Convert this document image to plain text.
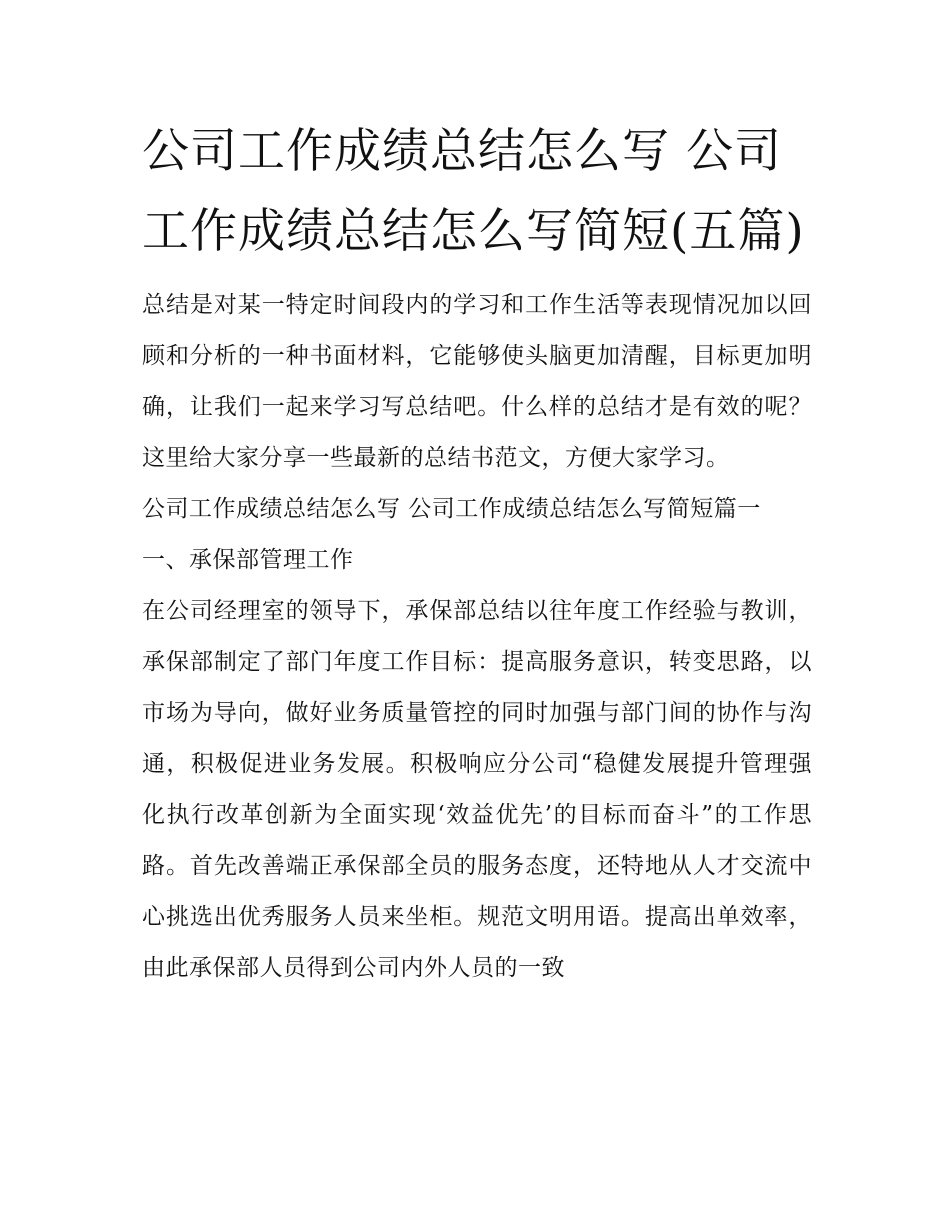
公司工作成绩总结怎么写 公司工作成绩总结怎么写简短(五篇)

总结是对某一特定时间段内的学习和工作生活等表现情况加以回顾和分析的一种书面材料，它能够使头脑更加清醒，目标更加明确，让我们一起来学习写总结吧。什么样的总结才是有效的呢？这里给大家分享一些最新的总结书范文，方便大家学习。

公司工作成绩总结怎么写 公司工作成绩总结怎么写简短篇一

一、承保部管理工作

在公司经理室的领导下，承保部总结以往年度工作经验与教训，承保部制定了部门年度工作目标：提高服务意识，转变思路，以市场为导向，做好业务质量管控的同时加强与部门间的协作与沟通，积极促进业务发展。积极响应分公司“稳健发展提升管理强化执行改革创新为全面实现‘效益优先’的目标而奋斗”的工作思路。首先改善端正承保部全员的服务态度，还特地从人才交流中心挑选出优秀服务人员来坐柜。规范文明用语。提高出单效率，由此承保部人员得到公司内外人员的一致
